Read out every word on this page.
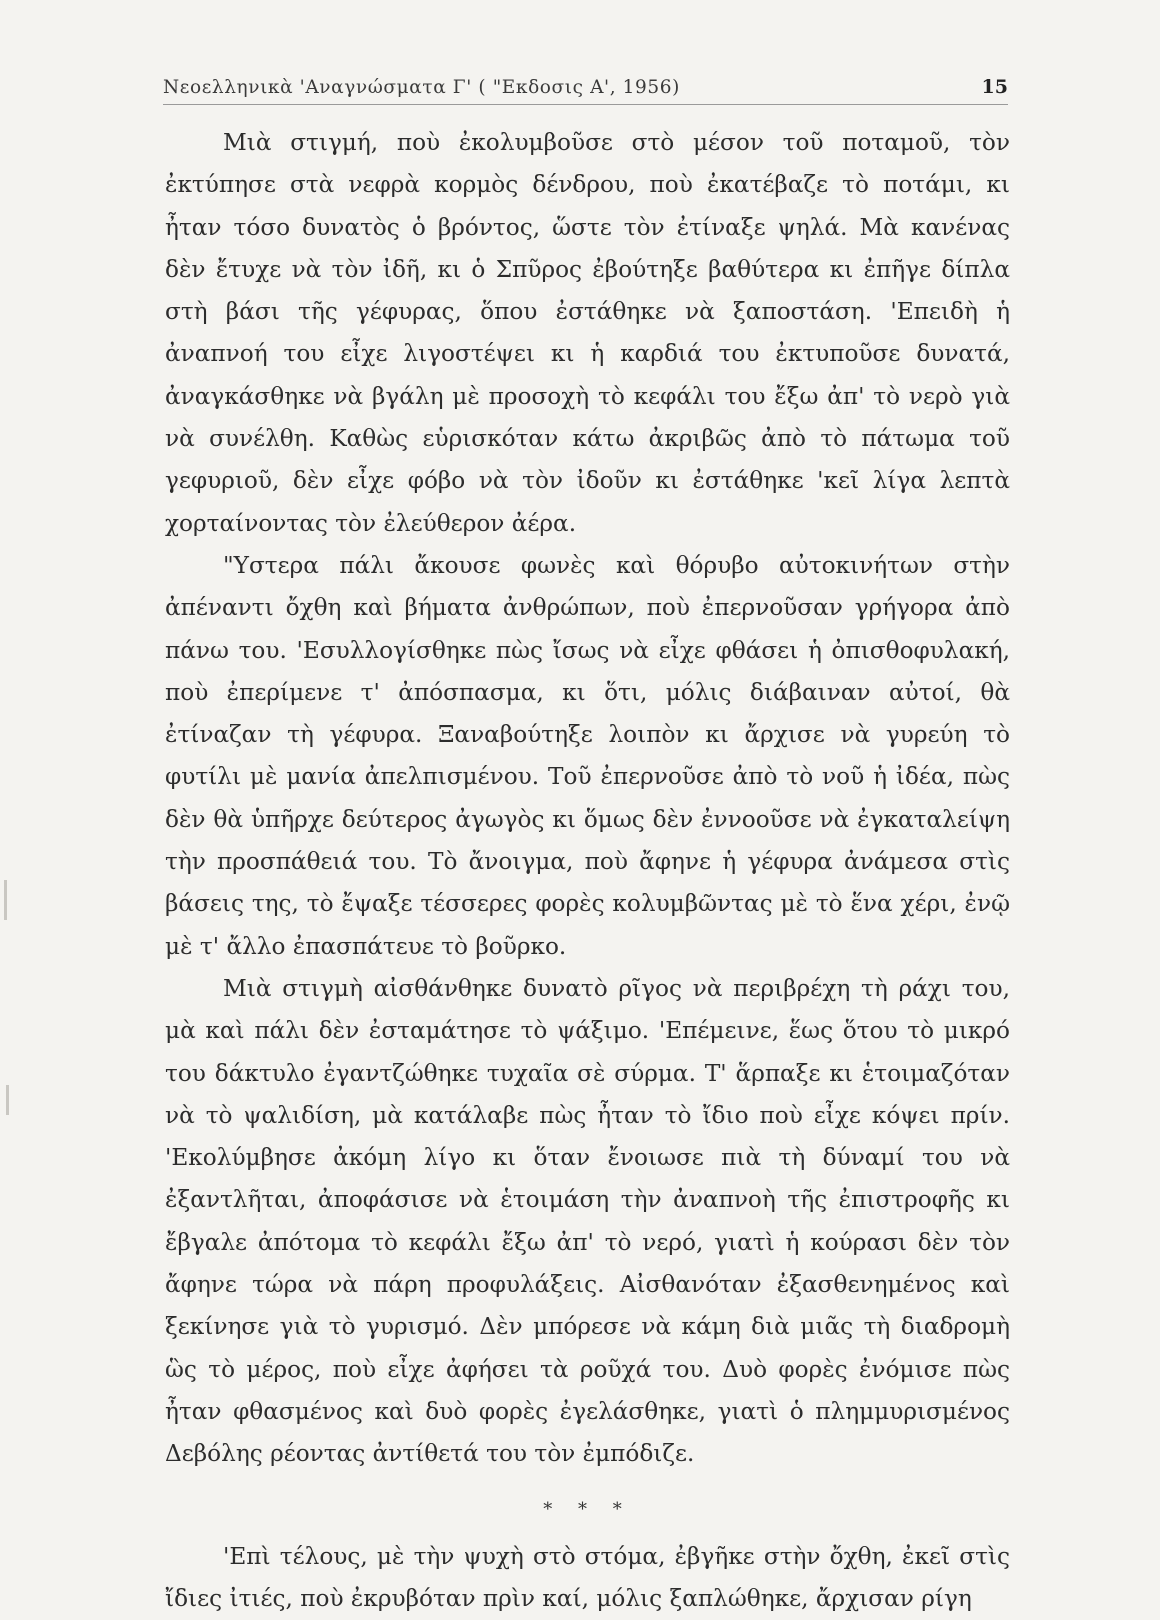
Νεοελληνικὰ 'Αναγνώσματα Γ' ( "Εκδοσις Α', 1956)	15

Μιὰ στιγμή, ποὺ ἐκολυμβοῦσε στὸ μέσον τοῦ ποταμοῦ, τὸν ἐκτύπησε στὰ νεφρὰ κορμὸς δένδρου, ποὺ ἐκατέβαζε τὸ ποτάμι, κι ἦταν τόσο δυνατὸς ὁ βρόντος, ὥστε τὸν ἐτίναξε ψηλά. Μὰ κανένας δὲν ἔτυχε νὰ τὸν ἰδῆ, κι ὁ Σπῦρος ἐβούτηξε βαθύτερα κι ἐπῆγε δίπλα στὴ βάσι τῆς γέφυρας, ὅπου ἐστάθηκε νὰ ξαποστάση. 'Επειδὴ ἡ ἀναπνοή του εἶχε λιγοστέψει κι ἡ καρδιά του ἐκτυποῦσε δυνατά, ἀναγκάσθηκε νὰ βγάλη μὲ προσοχὴ τὸ κεφάλι του ἔξω ἀπ' τὸ νερὸ γιὰ νὰ συνέλθη. Καθὼς εὑρισκόταν κάτω ἀκριβῶς ἀπὸ τὸ πάτωμα τοῦ γεφυριοῦ, δὲν εἶχε φόβο νὰ τὸν ἰδοῦν κι ἐστάθηκε 'κεῖ λίγα λεπτὰ χορταίνοντας τὸν ἐλεύθερον ἀέρα.

"Υστερα πάλι ἄκουσε φωνὲς καὶ θόρυβο αὐτοκινήτων στὴν ἀπέναντι ὄχθη καὶ βήματα ἀνθρώπων, ποὺ ἐπερνοῦσαν γρήγορα ἀπὸ πάνω του. 'Εσυλλογίσθηκε πὼς ἴσως νὰ εἶχε φθάσει ἡ ὀπισθοφυλακή, ποὺ ἐπερίμενε τ' ἀπόσπασμα, κι ὅτι, μόλις διάβαιναν αὐτοί, θὰ ἐτίναζαν τὴ γέφυρα. Ξαναβούτηξε λοιπὸν κι ἄρχισε νὰ γυρεύη τὸ φυτίλι μὲ μανία ἀπελπισμένου. Τοῦ ἐπερνοῦσε ἀπὸ τὸ νοῦ ἡ ἰδέα, πὼς δὲν θὰ ὑπῆρχε δεύτερος ἀγωγὸς κι ὅμως δὲν ἐννοοῦσε νὰ ἐγκαταλείψη τὴν προσπάθειά του. Τὸ ἄνοιγμα, ποὺ ἄφηνε ἡ γέφυρα ἀνάμεσα στὶς βάσεις της, τὸ ἔψαξε τέσσερες φορὲς κολυμβῶντας μὲ τὸ ἕνα χέρι, ἐνῷ μὲ τ' ἄλλο ἐπασπάτευε τὸ βοῦρκο.

Μιὰ στιγμὴ αἰσθάνθηκε δυνατὸ ρῖγος νὰ περιβρέχη τὴ ράχι του, μὰ καὶ πάλι δὲν ἐσταμάτησε τὸ ψάξιμο. 'Επέμεινε, ἕως ὅτου τὸ μικρό του δάκτυλο ἐγαντζώθηκε τυχαῖα σὲ σύρμα. Τ' ἅρπαξε κι ἑτοιμαζόταν νὰ τὸ ψαλιδίση, μὰ κατάλαβε πὼς ἦταν τὸ ἴδιο ποὺ εἶχε κόψει πρίν. 'Εκολύμβησε ἀκόμη λίγο κι ὅταν ἔνοιωσε πιὰ τὴ δύναμί του νὰ ἐξαντλῆται, ἀποφάσισε νὰ ἑτοιμάση τὴν ἀναπνοὴ τῆς ἐπιστροφῆς κι ἔβγαλε ἀπότομα τὸ κεφάλι ἔξω ἀπ' τὸ νερό, γιατὶ ἡ κούρασι δὲν τὸν ἄφηνε τώρα νὰ πάρη προφυλάξεις. Αἰσθανόταν ἐξασθενημένος καὶ ξεκίνησε γιὰ τὸ γυρισμό. Δὲν μπόρεσε νὰ κάμη διὰ μιᾶς τὴ διαδρομὴ ὣς τὸ μέρος, ποὺ εἶχε ἀφήσει τὰ ροῦχά του. Δυὸ φορὲς ἐνόμισε πὼς ἦταν φθασμένος καὶ δυὸ φορὲς ἐγελάσθηκε, γιατὶ ὁ πλημμυρισμένος Δεβόλης ρέοντας ἀντίθετά του τὸν ἐμπόδιζε.

* * *

'Επὶ τέλους, μὲ τὴν ψυχὴ στὸ στόμα, ἐβγῆκε στὴν ὄχθη, ἐκεῖ στὶς ἴδιες ἰτιές, ποὺ ἐκρυβόταν πρὶν καί, μόλις ξαπλώθηκε, ἄρχισαν ρίγη
